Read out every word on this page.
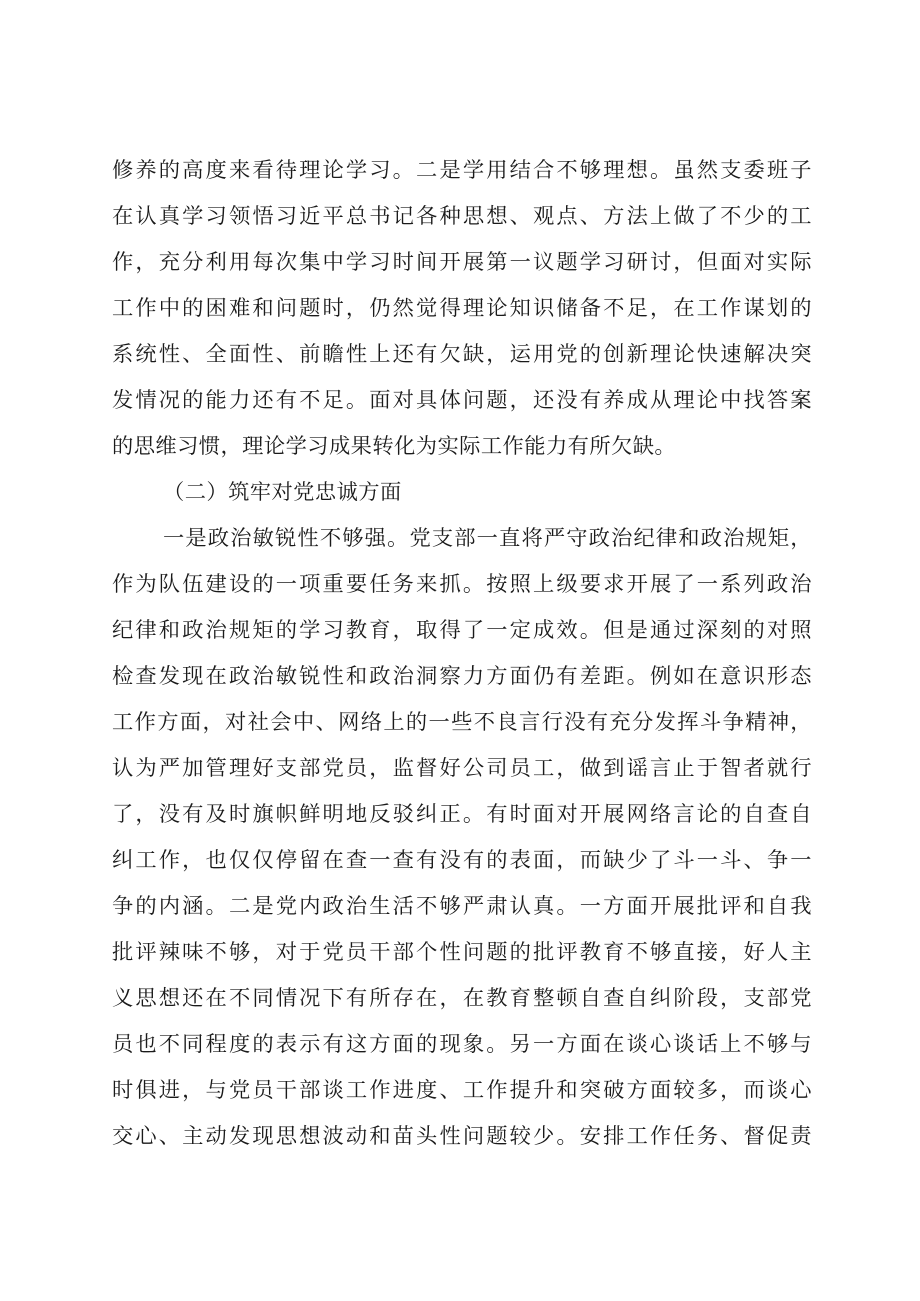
修养的高度来看待理论学习。二是学用结合不够理想。虽然支委班子
在认真学习领悟习近平总书记各种思想、观点、方法上做了不少的工
作，充分利用每次集中学习时间开展第一议题学习研讨，但面对实际
工作中的困难和问题时，仍然觉得理论知识储备不足，在工作谋划的
系统性、全面性、前瞻性上还有欠缺，运用党的创新理论快速解决突
发情况的能力还有不足。面对具体问题，还没有养成从理论中找答案
的思维习惯，理论学习成果转化为实际工作能力有所欠缺。
（二）筑牢对党忠诚方面
一是政治敏锐性不够强。党支部一直将严守政治纪律和政治规矩，
作为队伍建设的一项重要任务来抓。按照上级要求开展了一系列政治
纪律和政治规矩的学习教育，取得了一定成效。但是通过深刻的对照
检查发现在政治敏锐性和政治洞察力方面仍有差距。例如在意识形态
工作方面，对社会中、网络上的一些不良言行没有充分发挥斗争精神，
认为严加管理好支部党员，监督好公司员工，做到谣言止于智者就行
了，没有及时旗帜鲜明地反驳纠正。有时面对开展网络言论的自查自
纠工作，也仅仅停留在查一查有没有的表面，而缺少了斗一斗、争一
争的内涵。二是党内政治生活不够严肃认真。一方面开展批评和自我
批评辣味不够，对于党员干部个性问题的批评教育不够直接，好人主
义思想还在不同情况下有所存在，在教育整顿自查自纠阶段，支部党
员也不同程度的表示有这方面的现象。另一方面在谈心谈话上不够与
时俱进，与党员干部谈工作进度、工作提升和突破方面较多，而谈心
交心、主动发现思想波动和苗头性问题较少。安排工作任务、督促责
